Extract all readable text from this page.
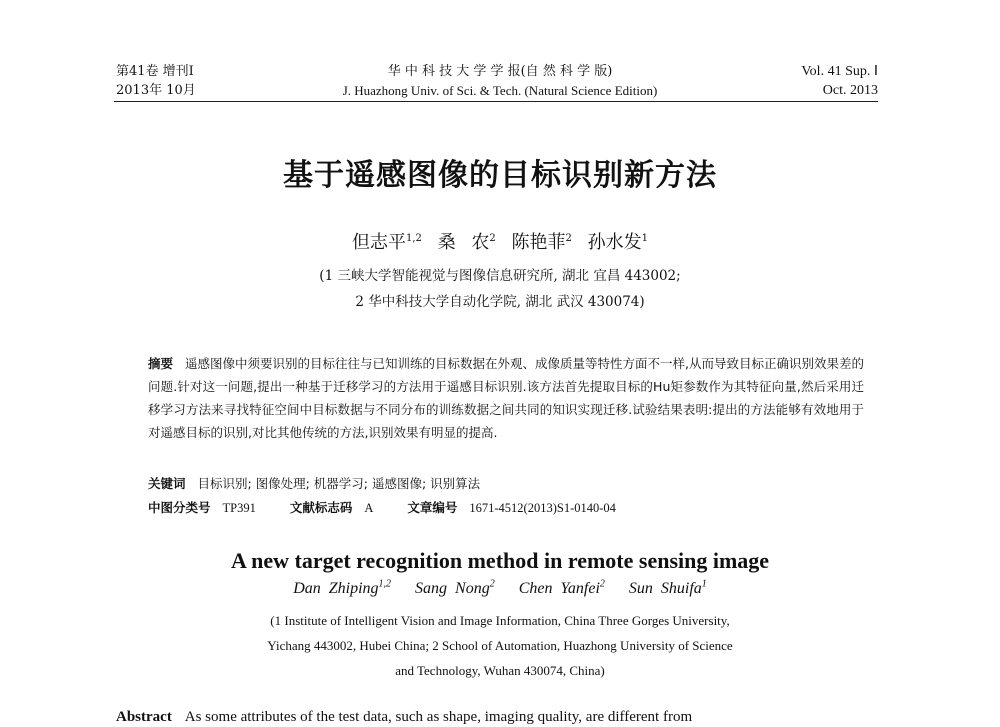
第41卷 增刊Ⅰ
2013年 10月
华 中 科 技 大 学 学 报(自 然 科 学 版)
J. Huazhong Univ. of Sci. & Tech. (Natural Science Edition)
Vol. 41 Sup. Ⅰ
Oct. 2013
基于遥感图像的目标识别新方法
但志平$^{1,2}$ 桑 农$^2$ 陈艳菲$^2$ 孙水发$^1$
(1 三峡大学智能视觉与图像信息研究所, 湖北 宜昌 443002;
2 华中科技大学自动化学院, 湖北 武汉 430074)
摘要 遥感图像中须要识别的目标往往与已知训练的目标数据在外观、成像质量等特性方面不一样,从而导致目标正确识别效果差的问题.针对这一问题,提出一种基于迁移学习的方法用于遥感目标识别.该方法首先提取目标的Hu矩参数作为其特征向量,然后采用迁移学习方法来寻找特征空间中目标数据与不同分布的训练数据之间共同的知识实现迁移.试验结果表明:提出的方法能够有效地用于对遥感目标的识别,对比其他传统的方法,识别效果有明显的提高.
关键词 目标识别; 图像处理; 机器学习; 遥感图像; 识别算法
中图分类号 TP391	文献标志码 A	文章编号 1671-4512(2013)S1-0140-04
A new target recognition method in remote sensing image
Dan Zhiping$^{1,2}$ Sang Nong$^2$ Chen Yanfei$^2$ Sun Shuifa$^1$
(1 Institute of Intelligent Vision and Image Information, China Three Gorges University,
Yichang 443002, Hubei China; 2 School of Automation, Huazhong University of Science
and Technology, Wuhan 430074, China)
Abstract As some attributes of the test data, such as shape, imaging quality, are different from
